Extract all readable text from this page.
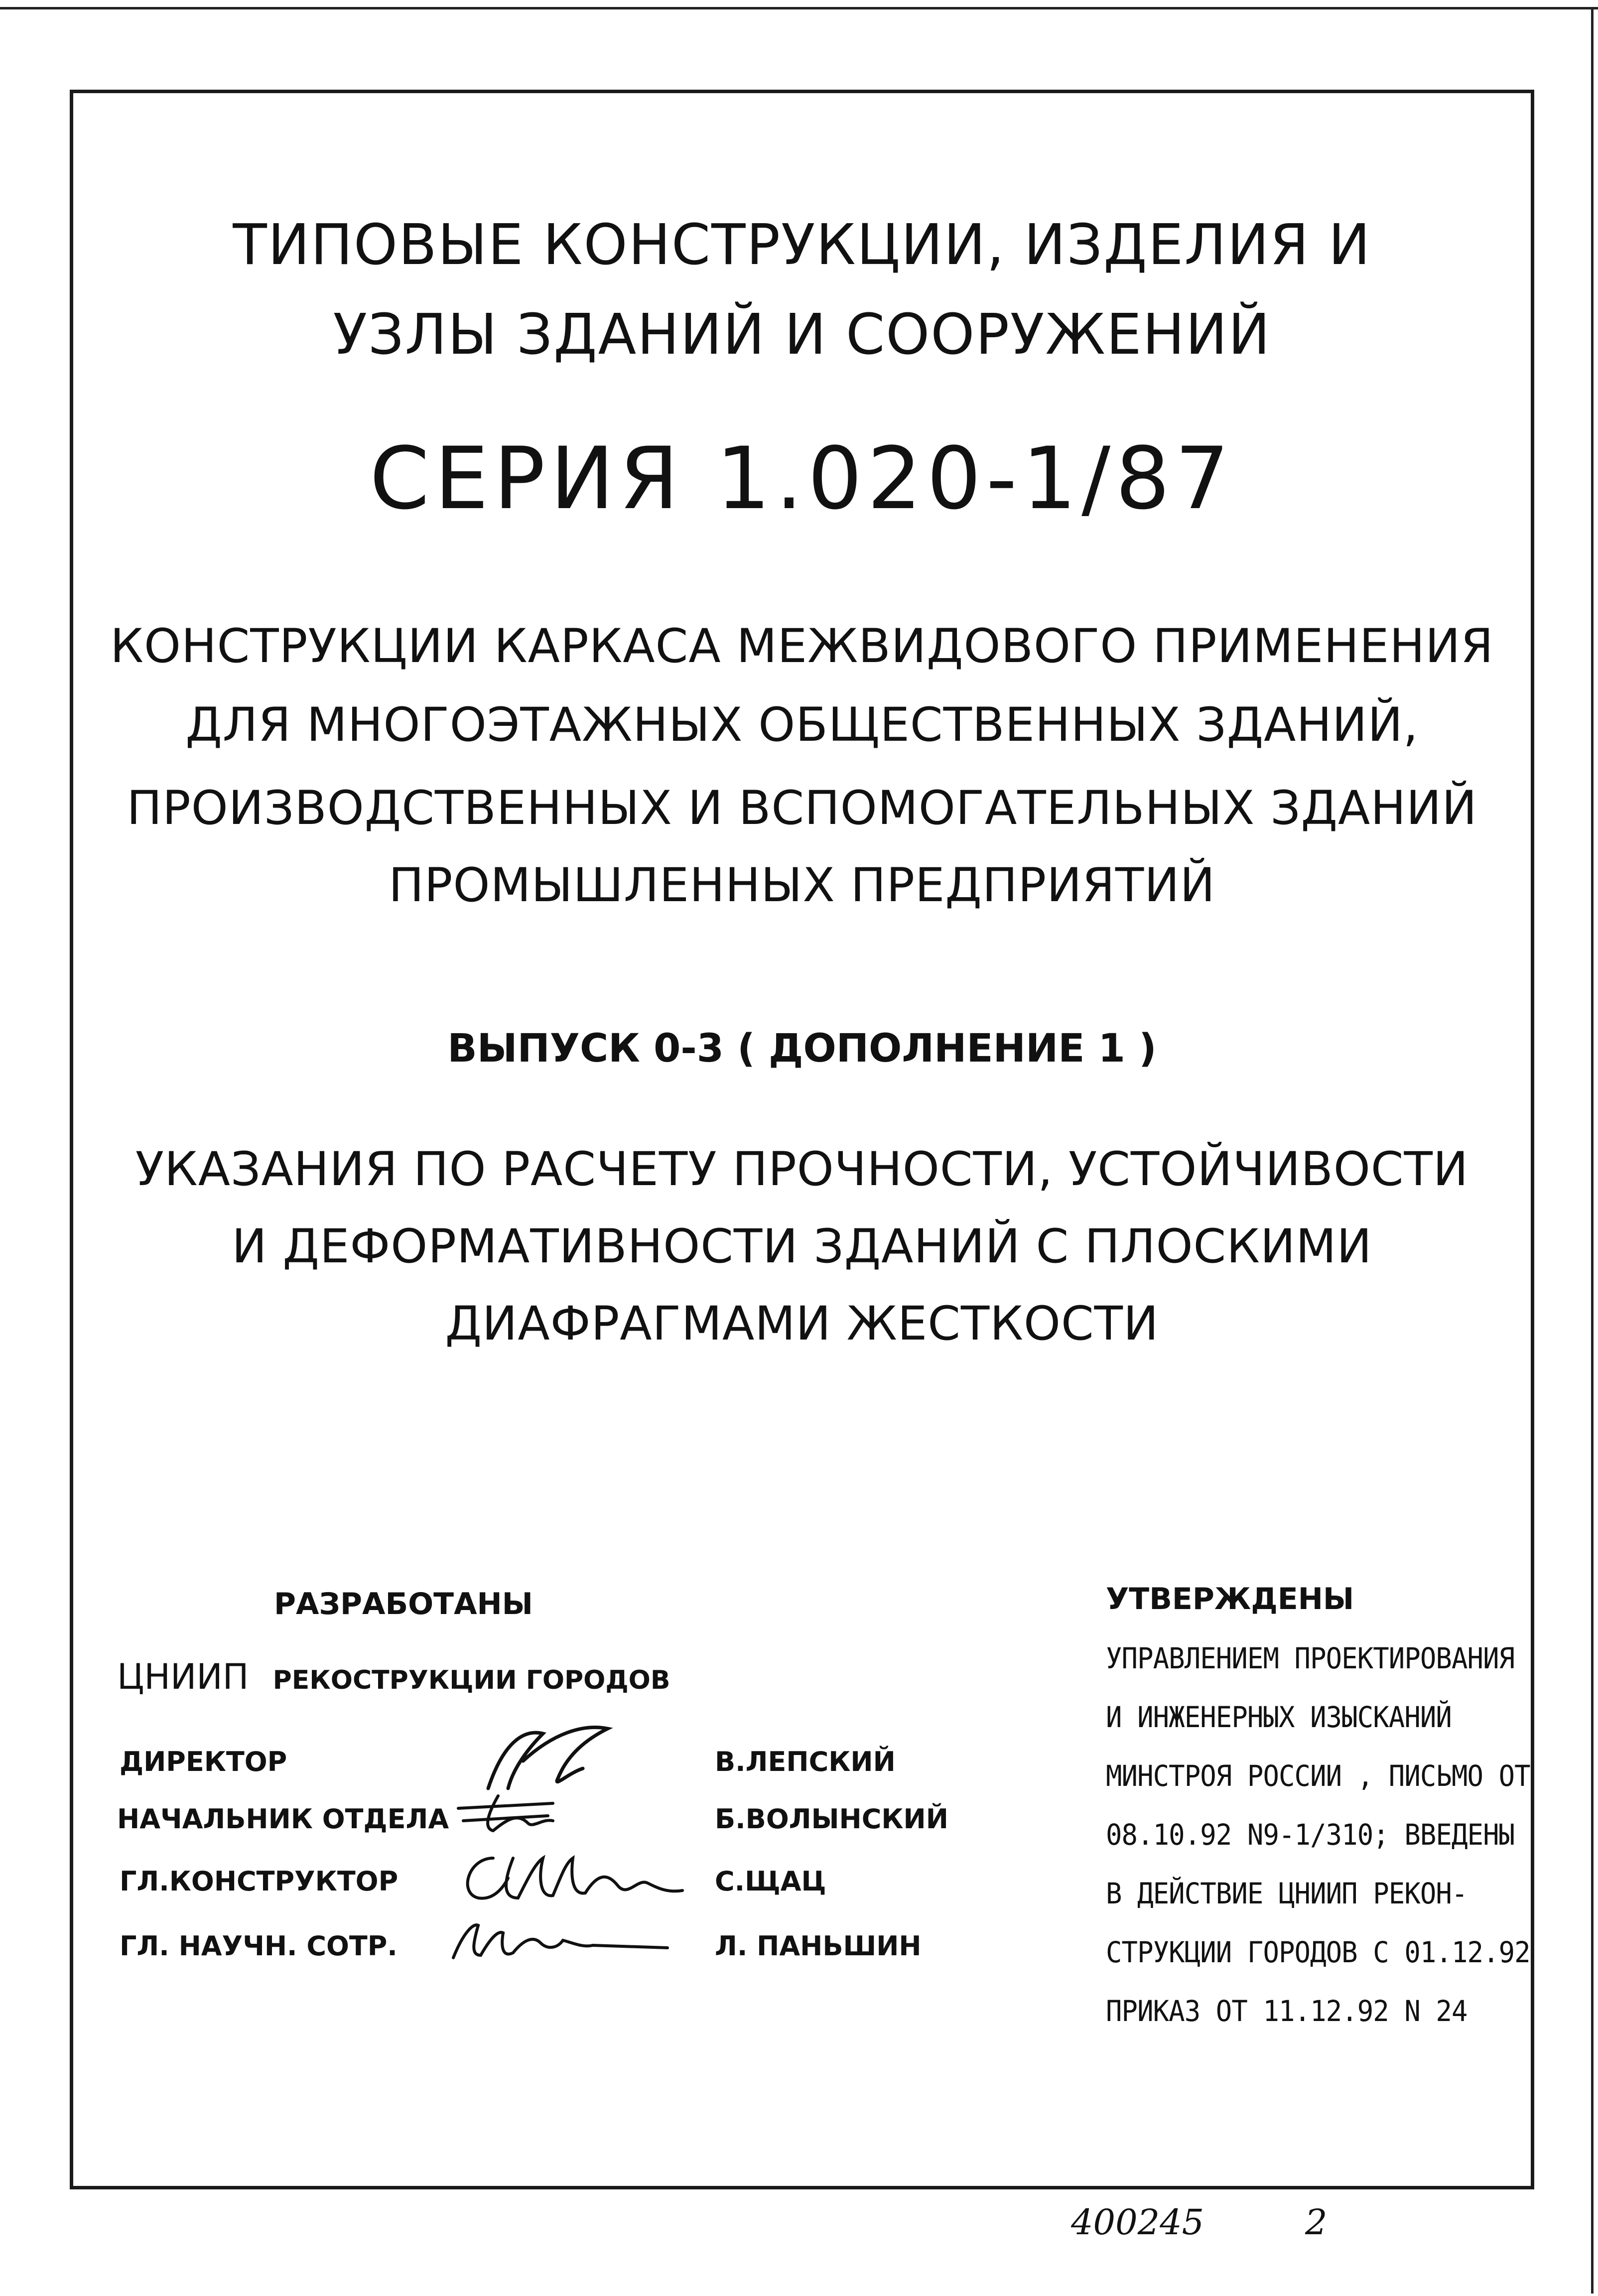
ТИПОВЫЕ КОНСТРУКЦИИ, ИЗДЕЛИЯ И
УЗЛЫ ЗДАНИЙ И СООРУЖЕНИЙ
СЕРИЯ 1.020-1/87
КОНСТРУКЦИИ КАРКАСА МЕЖВИДОВОГО ПРИМЕНЕНИЯ
ДЛЯ МНОГОЭТАЖНЫХ ОБЩЕСТВЕННЫХ ЗДАНИЙ,
ПРОИЗВОДСТВЕННЫХ И ВСПОМОГАТЕЛЬНЫХ ЗДАНИЙ
ПРОМЫШЛЕННЫХ ПРЕДПРИЯТИЙ
ВЫПУСК 0-3 ( ДОПОЛНЕНИЕ 1 )
УКАЗАНИЯ ПО РАСЧЕТУ ПРОЧНОСТИ, УСТОЙЧИВОСТИ
И ДЕФОРМАТИВНОСТИ ЗДАНИЙ С ПЛОСКИМИ
ДИАФРАГМАМИ ЖЕСТКОСТИ
РАЗРАБОТАНЫ
ЦНИИП РЕКОСТРУКЦИИ ГОРОДОВ
ДИРЕКТОР	В.ЛЕПСКИЙ
НАЧАЛЬНИК ОТДЕЛА	Б.ВОЛЫНСКИЙ
ГЛ.КОНСТРУКТОР	С.ЩАЦ
ГЛ. НАУЧН. СОТР.	Л. ПАНЬШИН
УТВЕРЖДЕНЫ
УПРАВЛЕНИЕМ ПРОЕКТИРОВАНИЯ
И ИНЖЕНЕРНЫХ ИЗЫСКАНИЙ
МИНСТРОЯ РОССИИ , ПИСЬМО ОТ
08.10.92 N9-1/310; ВВЕДЕНЫ
В ДЕЙСТВИЕ ЦНИИП РЕКОН-
СТРУКЦИИ ГОРОДОВ С 01.12.92
ПРИКАЗ ОТ 11.12.92 N 24
400245	2
